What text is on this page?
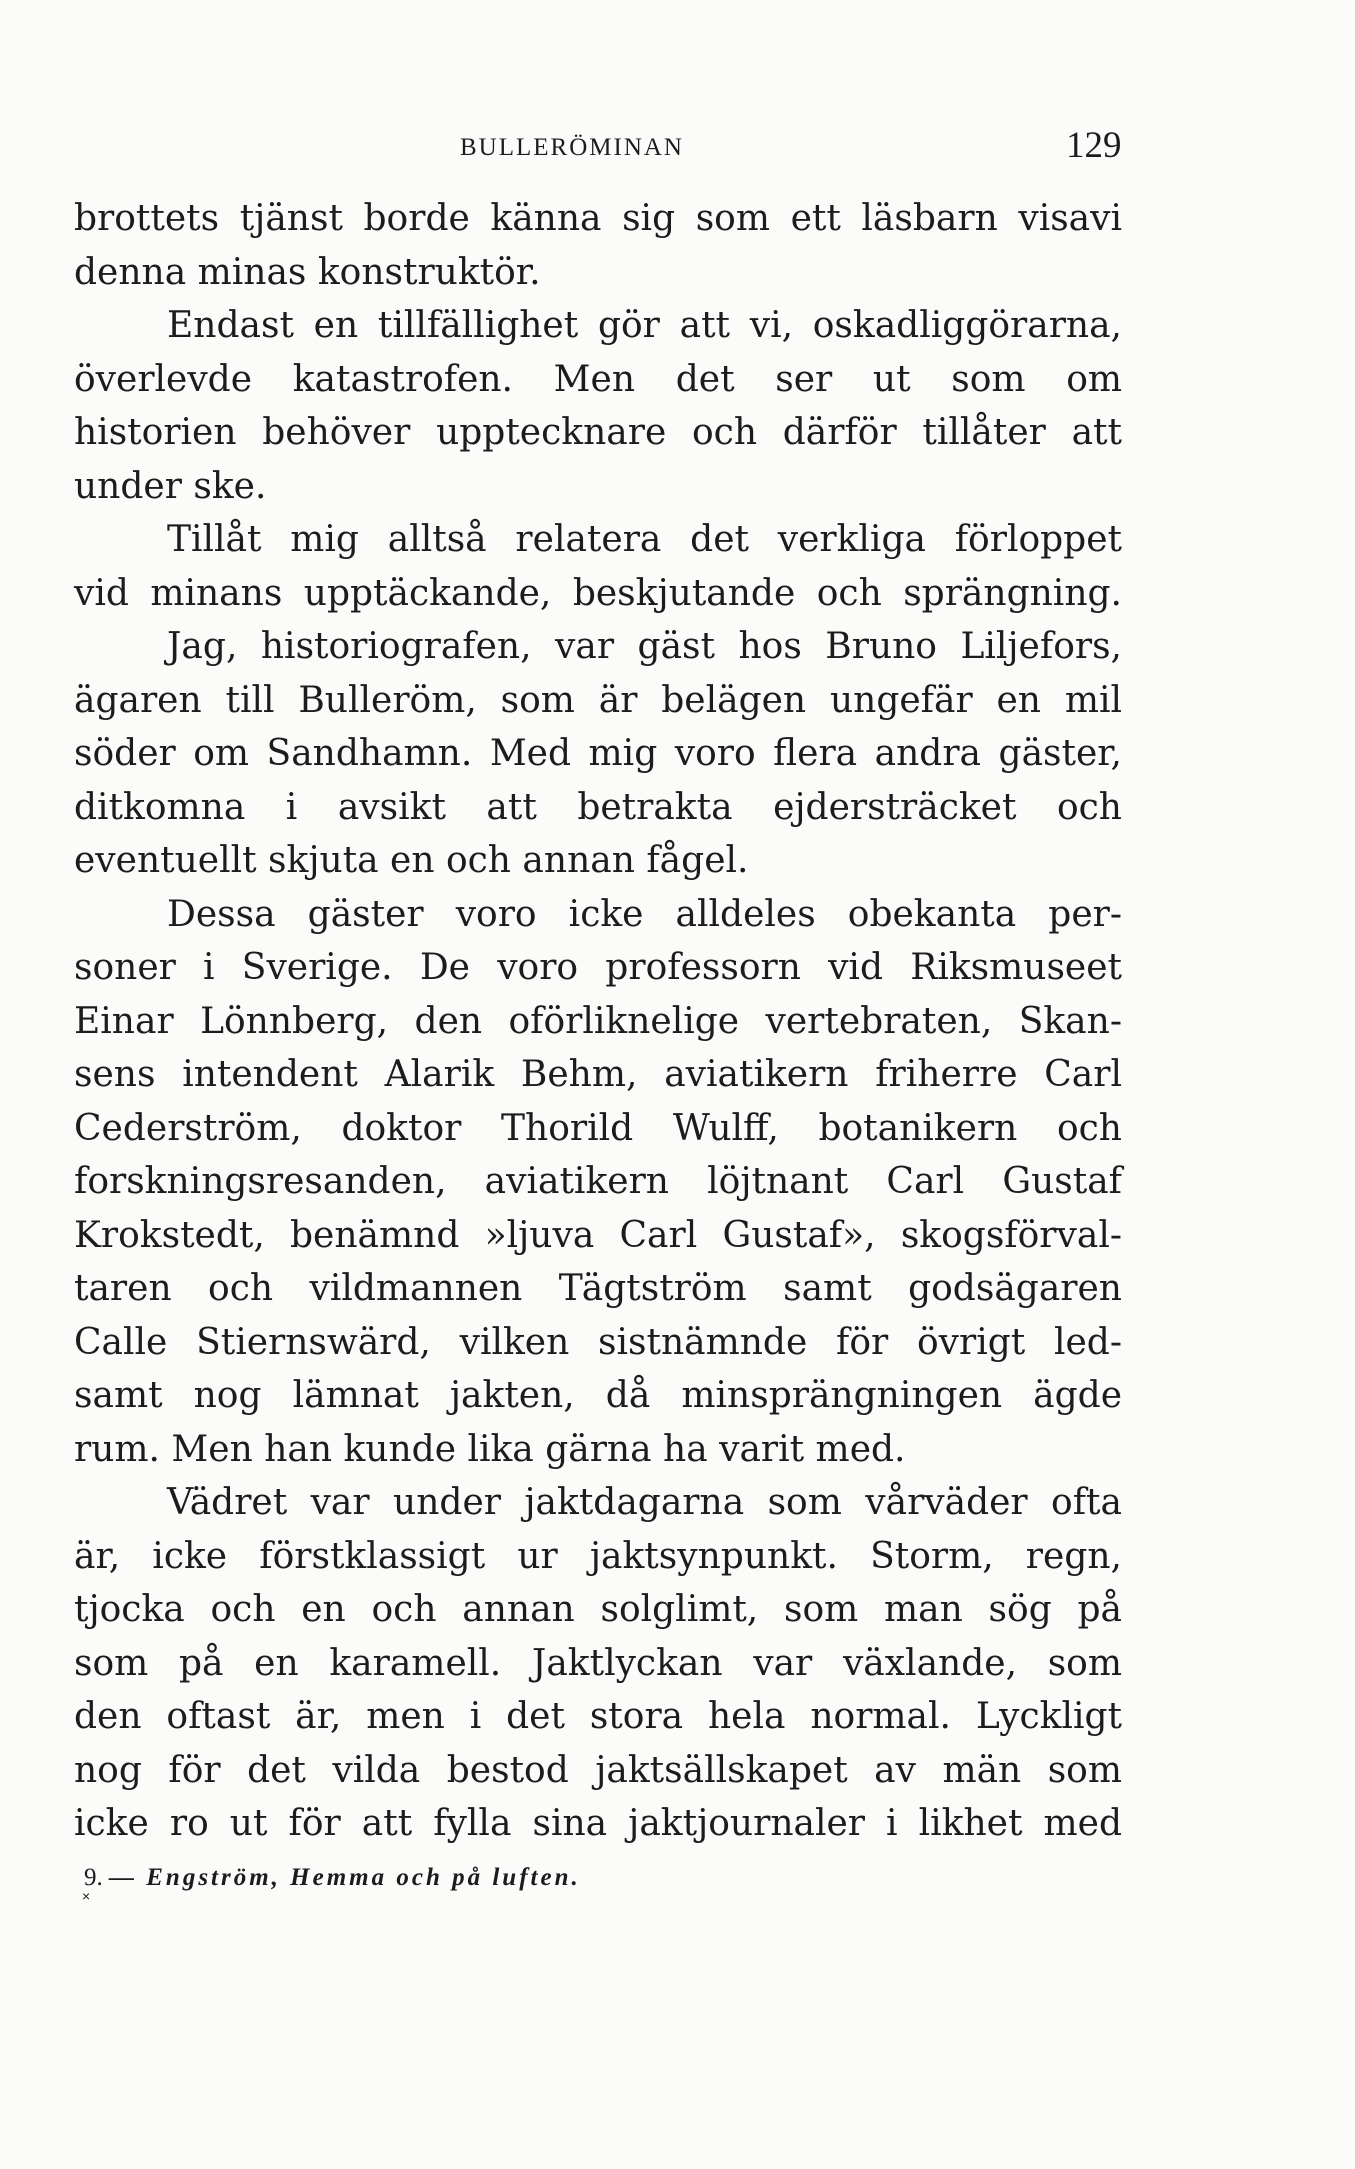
BULLERÖMINAN	129
brottets tjänst borde känna sig som ett läsbarn visavi
denna minas konstruktör.
Endast en tillfällighet gör att vi, oskadliggörarna,
överlevde katastrofen. Men det ser ut som om
historien behöver upptecknare och därför tillåter att
under ske.
Tillåt mig alltså relatera det verkliga förloppet
vid minans upptäckande, beskjutande och sprängning.
Jag, historiografen, var gäst hos Bruno Liljefors,
ägaren till Bulleröm, som är belägen ungefär en mil
söder om Sandhamn. Med mig voro flera andra gäster,
ditkomna i avsikt att betrakta ejdersträcket och
eventuellt skjuta en och annan fågel.
Dessa gäster voro icke alldeles obekanta per-
soner i Sverige. De voro professorn vid Riksmuseet
Einar Lönnberg, den oförliknelige vertebraten, Skan-
sens intendent Alarik Behm, aviatikern friherre Carl
Cederström, doktor Thorild Wulff, botanikern och
forskningsresanden, aviatikern löjtnant Carl Gustaf
Krokstedt, benämnd »ljuva Carl Gustaf», skogsförval-
taren och vildmannen Tägtström samt godsägaren
Calle Stiernswärd, vilken sistnämnde för övrigt led-
samt nog lämnat jakten, då minsprängningen ägde
rum. Men han kunde lika gärna ha varit med.
Vädret var under jaktdagarna som vårväder ofta
är, icke förstklassigt ur jaktsynpunkt. Storm, regn,
tjocka och en och annan solglimt, som man sög på
som på en karamell. Jaktlyckan var växlande, som
den oftast är, men i det stora hela normal. Lyckligt
nog för det vilda bestod jaktsällskapet av män som
icke ro ut för att fylla sina jaktjournaler i likhet med
9. — Engström, Hemma och på luften.
×
